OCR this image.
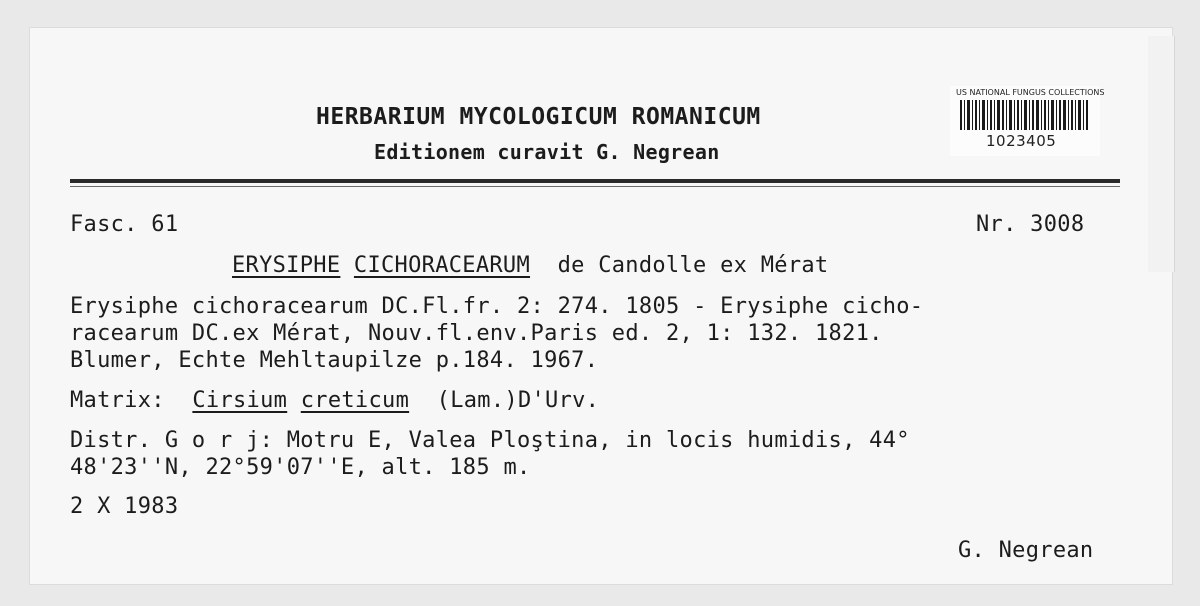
HERBARIUM MYCOLOGICUM ROMANICUM
Editionem curavit G. Negrean
US NATIONAL FUNGUS COLLECTIONS
1023405
Fasc. 61	Nr. 3008
ERYSIPHE CICHORACEARUM de Candolle ex Mérat
Erysiphe cichoracearum DC.Fl.fr. 2: 274. 1805 - Erysiphe cicho-
racearum DC.ex Mérat, Nouv.fl.env.Paris ed. 2, 1: 132. 1821.
Blumer, Echte Mehltaupilze p.184. 1967.
Matrix: Cirsium creticum (Lam.)D'Urv.
Distr. G o r j: Motru E, Valea Ploştina, in locis humidis, 44°
48'23''N, 22°59'07''E, alt. 185 m.
2 X 1983
G. Negrean
